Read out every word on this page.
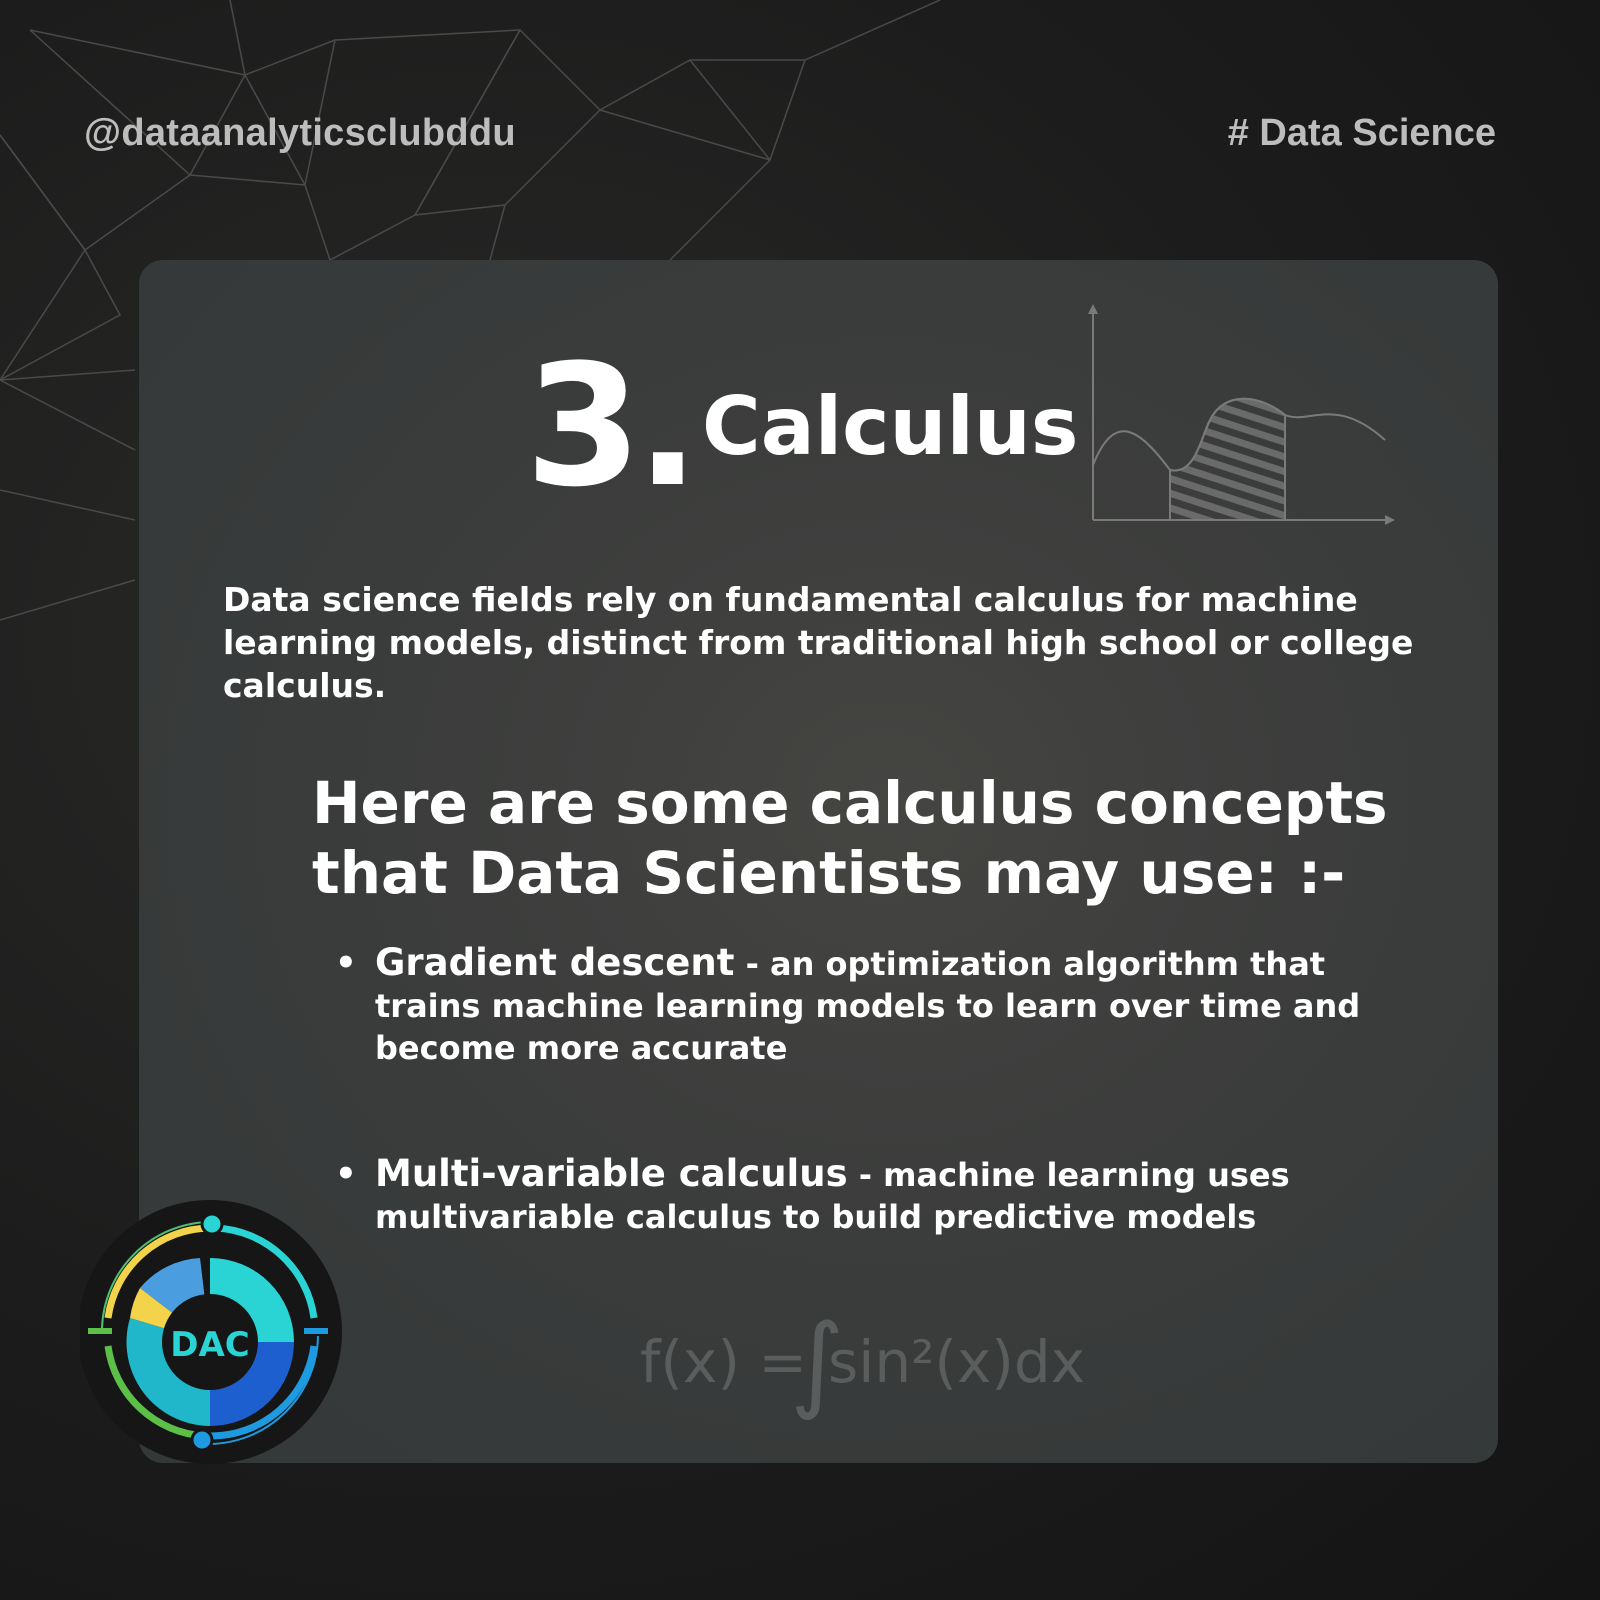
@dataanalyticsclubddu	# Data Science
3. Calculus
Data science fields rely on fundamental calculus for machine learning models, distinct from traditional high school or college calculus.
Here are some calculus concepts that Data Scientists may use: :-
• Gradient descent - an optimization algorithm that trains machine learning models to learn over time and become more accurate
• Multi-variable calculus - machine learning uses multivariable calculus to build predictive models
f(x) =
∫
sin²(x)dx
DAC
